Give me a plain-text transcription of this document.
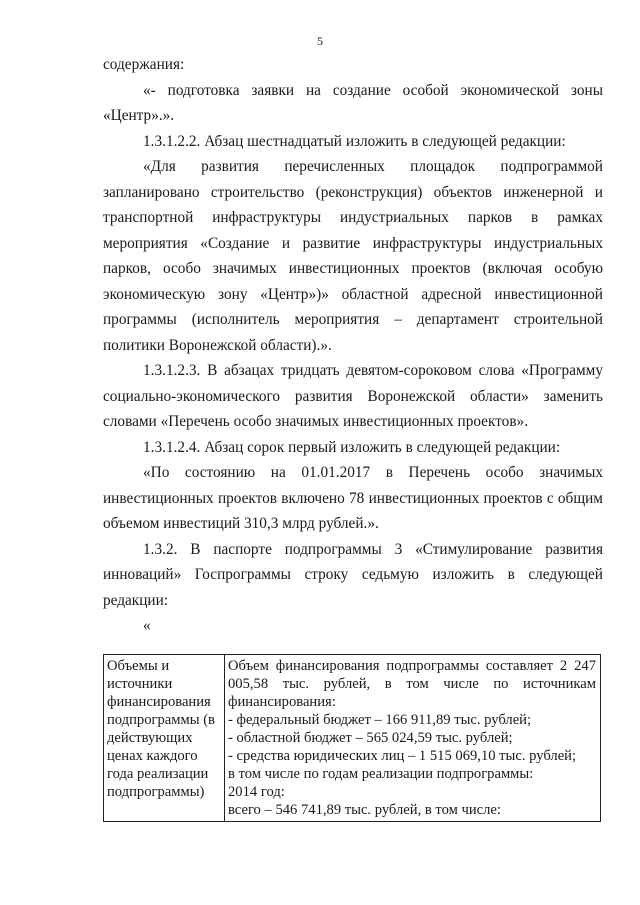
5

содержания:

«- подготовка заявки на создание особой экономической зоны «Центр».».

1.3.1.2.2. Абзац шестнадцатый изложить в следующей редакции:

«Для развития перечисленных площадок подпрограммой запланировано строительство (реконструкция) объектов инженерной и транспортной инфраструктуры индустриальных парков в рамках мероприятия «Создание и развитие инфраструктуры индустриальных парков, особо значимых инвестиционных проектов (включая особую экономическую зону «Центр»)» областной адресной инвестиционной программы (исполнитель мероприятия – департамент строительной политики Воронежской области).».

1.3.1.2.3. В абзацах тридцать девятом-сороковом слова «Программу социально-экономического развития Воронежской области» заменить словами «Перечень особо значимых инвестиционных проектов».

1.3.1.2.4. Абзац сорок первый изложить в следующей редакции:

«По состоянию на 01.01.2017 в Перечень особо значимых инвестиционных проектов включено 78 инвестиционных проектов с общим объемом инвестиций 310,3 млрд рублей.».

1.3.2. В паспорте подпрограммы 3 «Стимулирование развития инноваций» Госпрограммы строку седьмую изложить в следующей редакции:

«

Объемы и источники финансирования подпрограммы (в действующих ценах каждого года реализации подпрограммы)	
Объем финансирования подпрограммы составляет 2 247 005,58 тыс. рублей, в том числе по источникам финансирования:
- федеральный бюджет – 166 911,89 тыс. рублей;
- областной бюджет – 565 024,59 тыс. рублей;
- средства юридических лиц – 1 515 069,10 тыс. рублей;
в том числе по годам реализации подпрограммы:
2014 год:
всего – 546 741,89 тыс. рублей, в том числе:
